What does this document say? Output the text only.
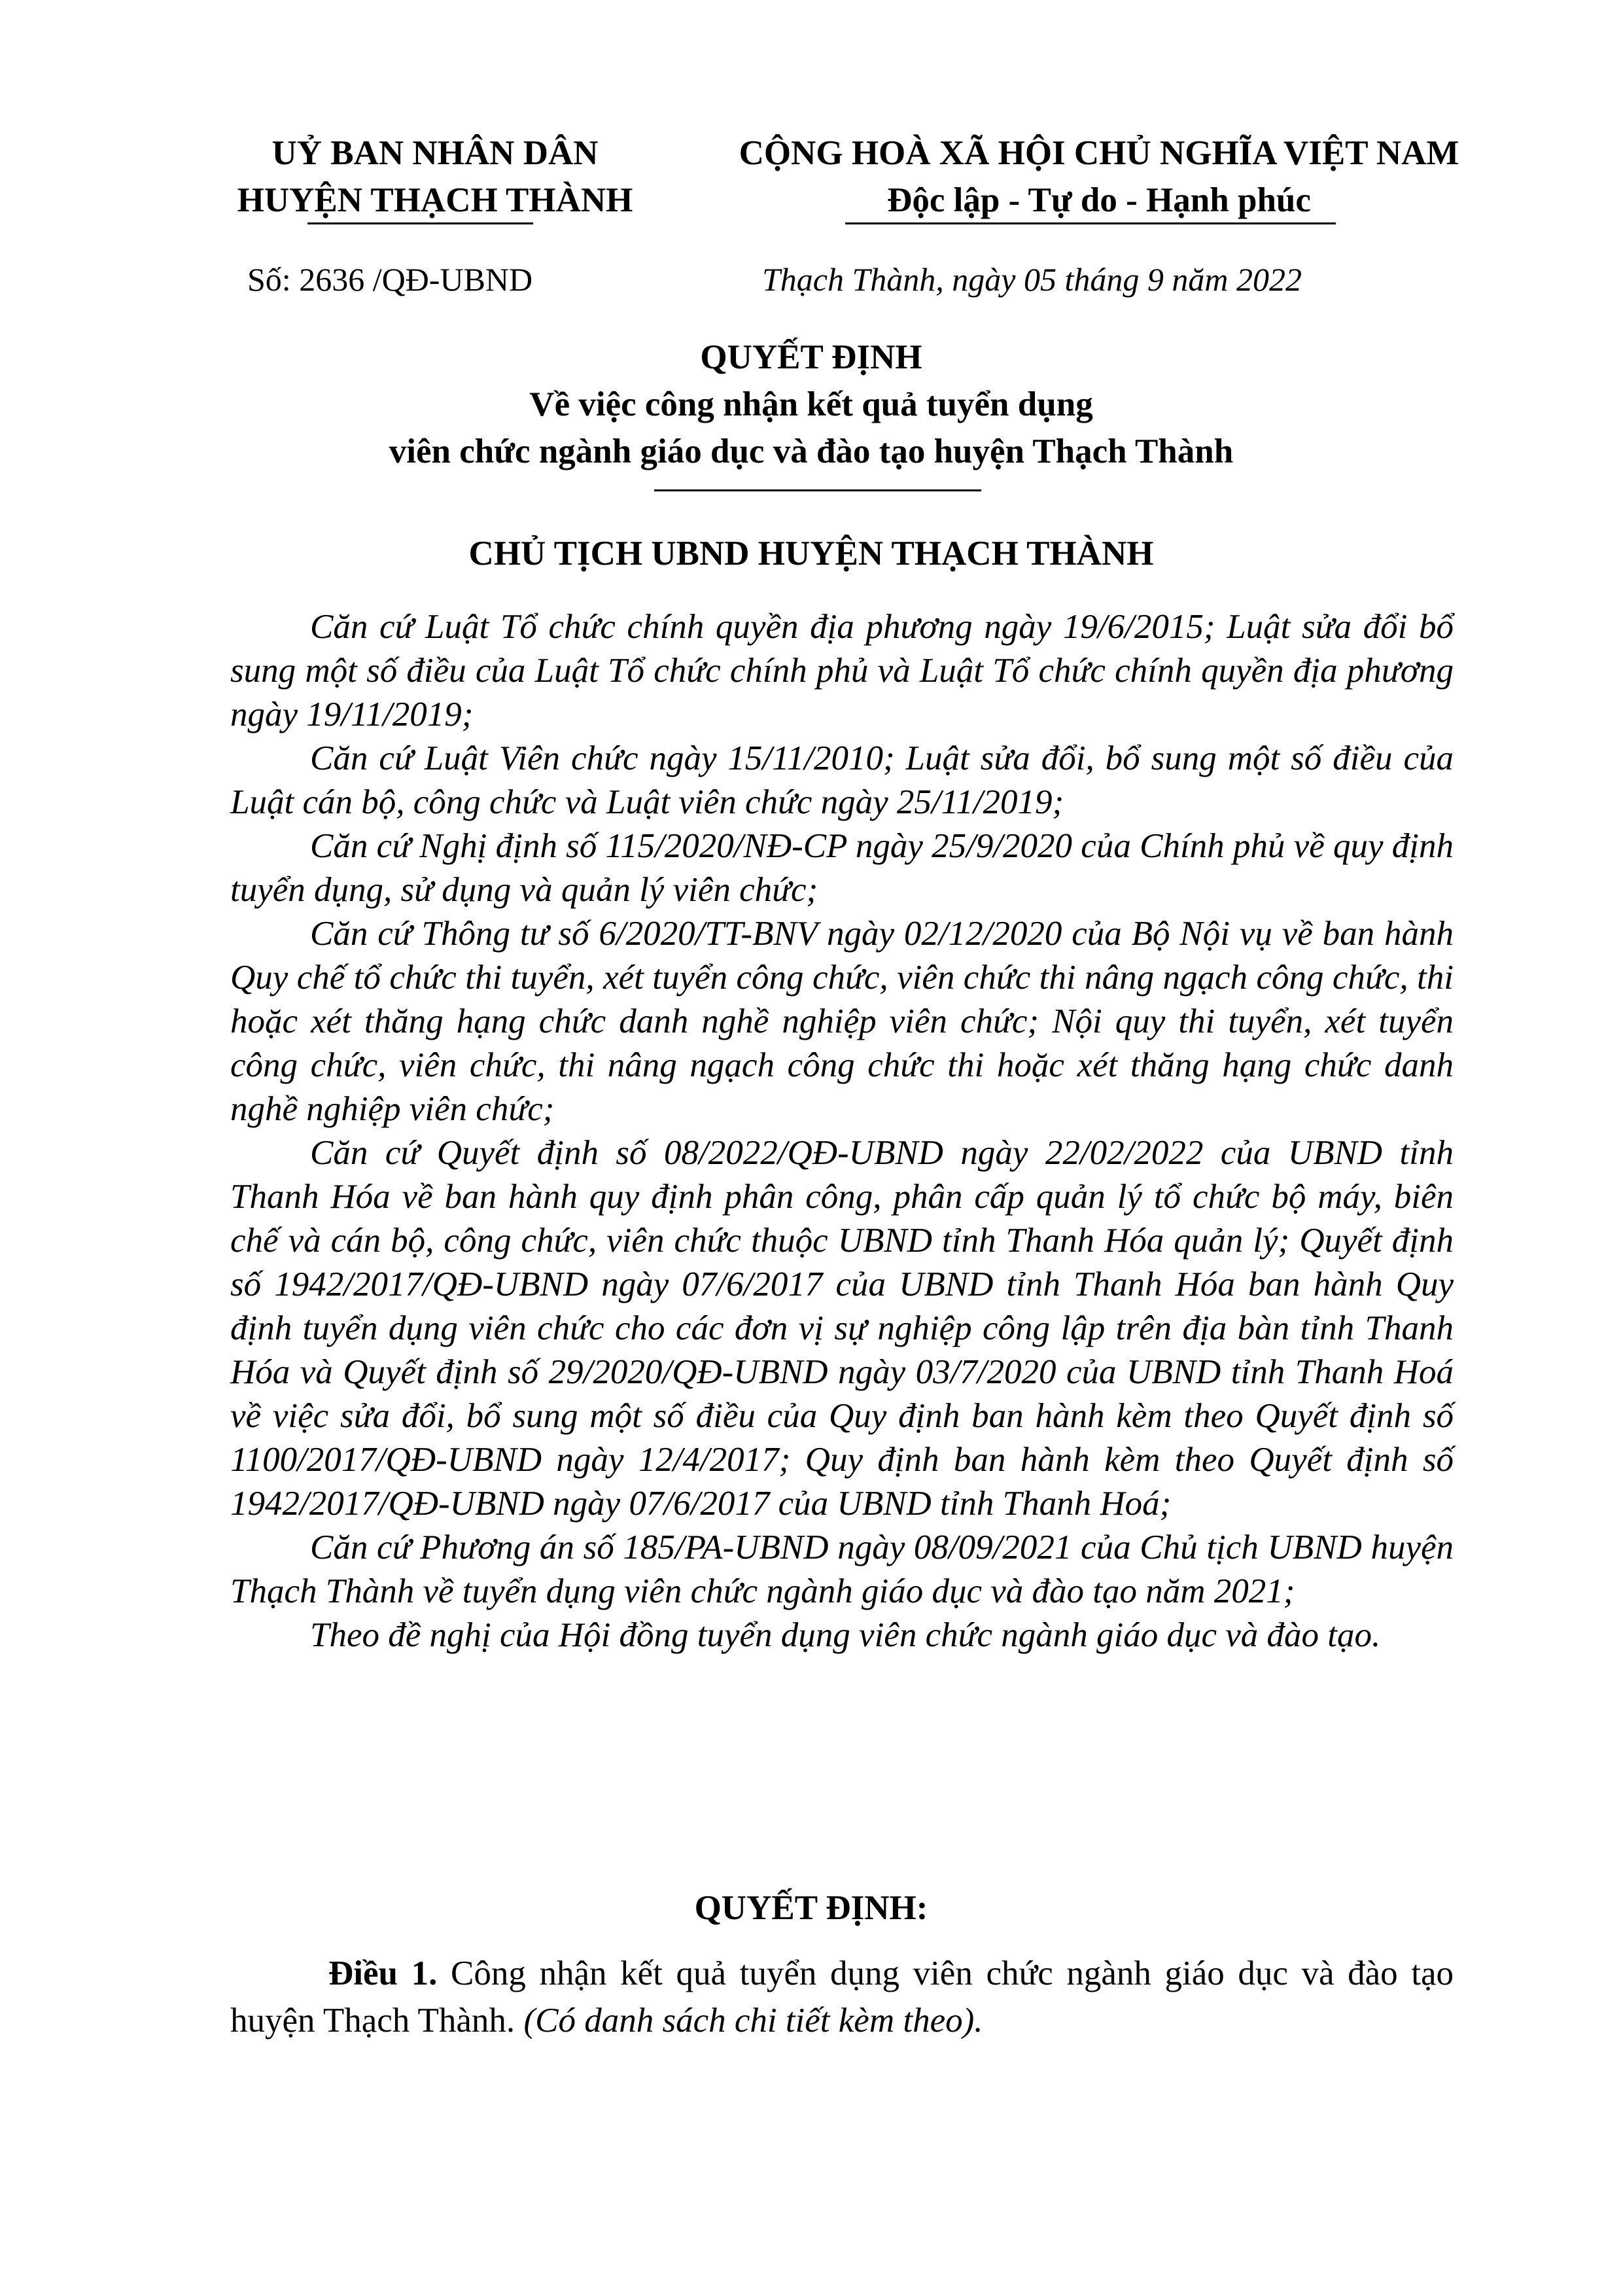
UỶ BAN NHÂN DÂN
HUYỆN THẠCH THÀNH
CỘNG HOÀ XÃ HỘI CHỦ NGHĨA VIỆT NAM
Độc lập - Tự do - Hạnh phúc
Số: 2636 /QĐ-UBND	Thạch Thành, ngày 05 tháng 9 năm 2022
QUYẾT ĐỊNH
Về việc công nhận kết quả tuyển dụng
viên chức ngành giáo dục và đào tạo huyện Thạch Thành
CHỦ TỊCH UBND HUYỆN THẠCH THÀNH

Căn cứ Luật Tổ chức chính quyền địa phương ngày 19/6/2015; Luật sửa đổi bổ sung một số điều của Luật Tổ chức chính phủ và Luật Tổ chức chính quyền địa phương ngày 19/11/2019;

Căn cứ Luật Viên chức ngày 15/11/2010; Luật sửa đổi, bổ sung một số điều của Luật cán bộ, công chức và Luật viên chức ngày 25/11/2019;

Căn cứ Nghị định số 115/2020/NĐ-CP ngày 25/9/2020 của Chính phủ về quy định tuyển dụng, sử dụng và quản lý viên chức;

Căn cứ Thông tư số 6/2020/TT-BNV ngày 02/12/2020 của Bộ Nội vụ về ban hành Quy chế tổ chức thi tuyển, xét tuyển công chức, viên chức thi nâng ngạch công chức, thi hoặc xét thăng hạng chức danh nghề nghiệp viên chức; Nội quy thi tuyển, xét tuyển công chức, viên chức, thi nâng ngạch công chức thi hoặc xét thăng hạng chức danh nghề nghiệp viên chức;

Căn cứ Quyết định số 08/2022/QĐ-UBND ngày 22/02/2022 của UBND tỉnh Thanh Hóa về ban hành quy định phân công, phân cấp quản lý tổ chức bộ máy, biên chế và cán bộ, công chức, viên chức thuộc UBND tỉnh Thanh Hóa quản lý; Quyết định số 1942/2017/QĐ-UBND ngày 07/6/2017 của UBND tỉnh Thanh Hóa ban hành Quy định tuyển dụng viên chức cho các đơn vị sự nghiệp công lập trên địa bàn tỉnh Thanh Hóa và Quyết định số 29/2020/QĐ-UBND ngày 03/7/2020 của UBND tỉnh Thanh Hoá về việc sửa đổi, bổ sung một số điều của Quy định ban hành kèm theo Quyết định số 1100/2017/QĐ-UBND ngày 12/4/2017; Quy định ban hành kèm theo Quyết định số 1942/2017/QĐ-UBND ngày 07/6/2017 của UBND tỉnh Thanh Hoá;

Căn cứ Phương án số 185/PA-UBND ngày 08/09/2021 của Chủ tịch UBND huyện Thạch Thành về tuyển dụng viên chức ngành giáo dục và đào tạo năm 2021;

Theo đề nghị của Hội đồng tuyển dụng viên chức ngành giáo dục và đào tạo.

QUYẾT ĐỊNH:

Điều 1. Công nhận kết quả tuyển dụng viên chức ngành giáo dục và đào tạo huyện Thạch Thành. (Có danh sách chi tiết kèm theo).
